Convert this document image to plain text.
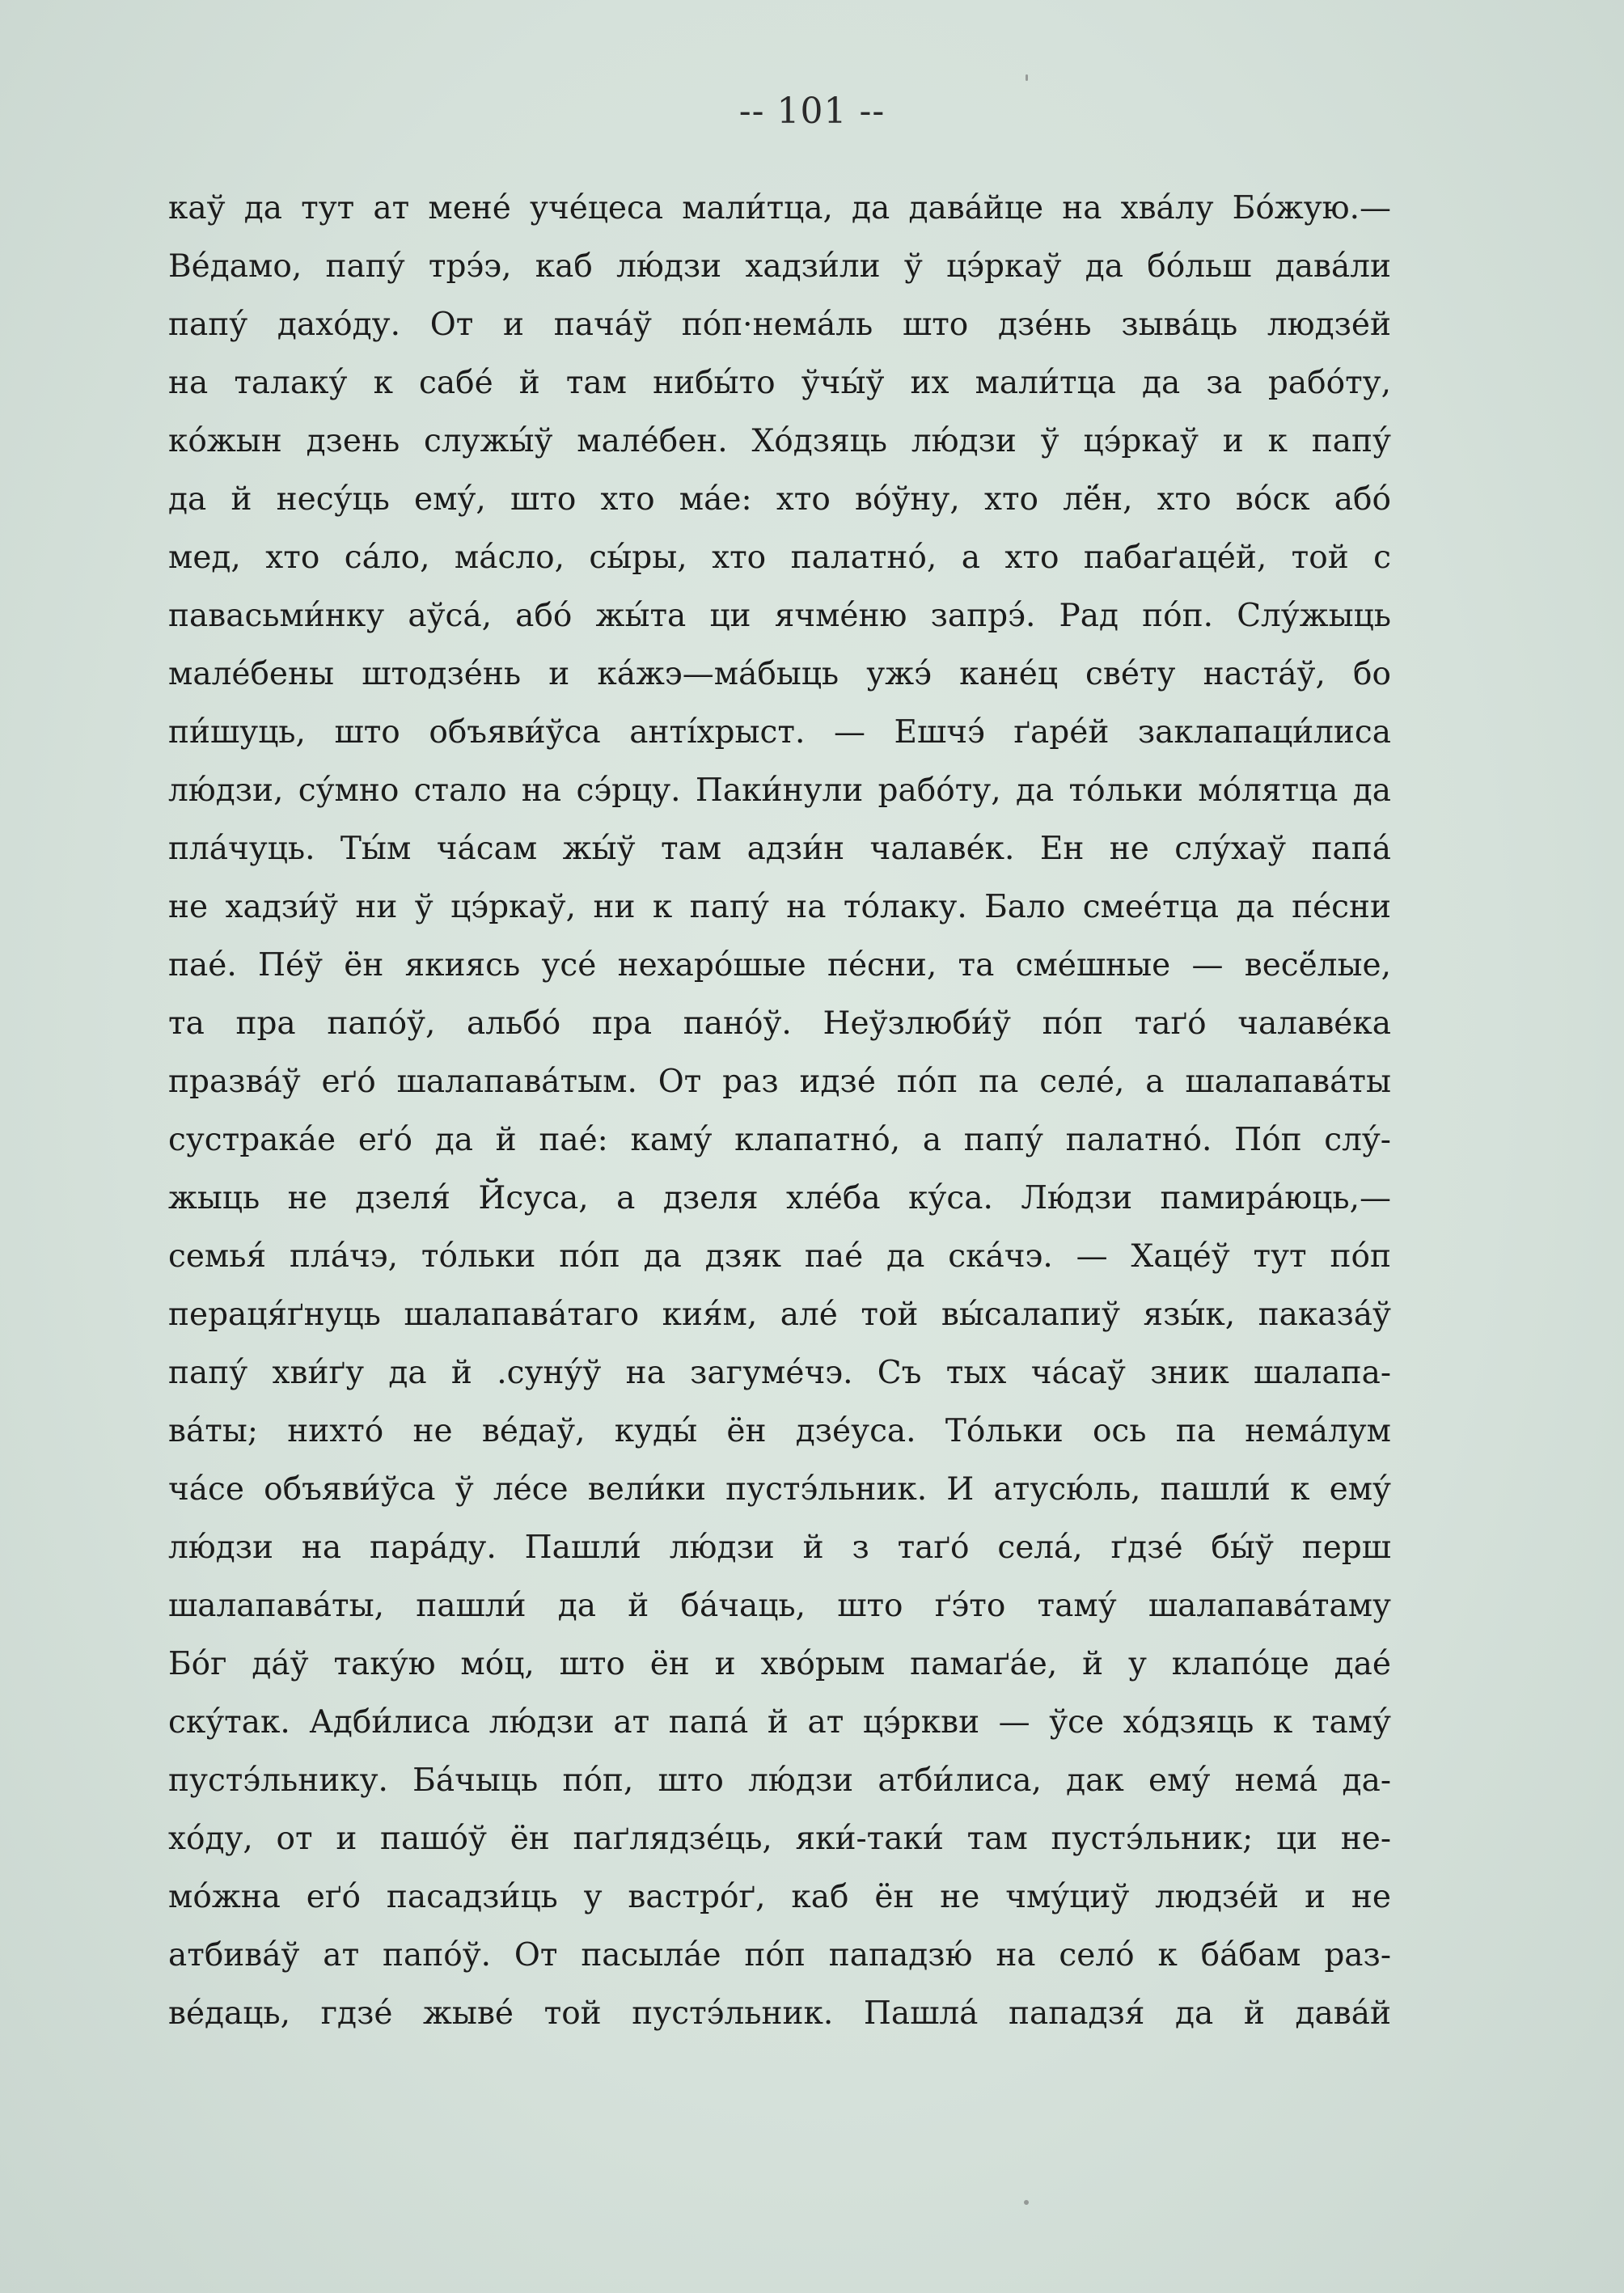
-- 101 --
каў да тут ат мене́ уче́цеса мали́тца, да дава́йце на хва́лу Бо́жую.—
Ве́дамо, папу́ трэ́э, каб лю́дзи хадзи́ли ў цэ́ркаў да бо́льш дава́ли
папу́ дахо́ду. От и пача́ў по́п·нема́ль што дзе́нь зыва́ць людзе́й
на талаку́ к сабе́ й там нибы́то ўчы́ў их мали́тца да за рабо́ту,
ко́жын дзень служы́ў мале́бен. Хо́дзяць лю́дзи ў цэ́ркаў и к папу́
да й несу́ць ему́, што хто ма́е: хто во́ўну, хто лё́н, хто во́ск або́
мед, хто са́ло, ма́сло, сы́ры, хто палатно́, а хто пабаґаце́й, той с
павасьми́нку аўса́, або́ жы́та ци ячме́ню запрэ́. Рад по́п. Слу́жыць
мале́бены штодзе́нь и ка́жэ—ма́быць ужэ́ кане́ц све́ту наста́ў, бо
пи́шуць, што объяви́ўса антı́хрыст. — Ешчэ́ ґаре́й заклапаци́лиса
лю́дзи, су́мно стало на сэ́рцу. Паки́нули рабо́ту, да то́льки мо́лятца да
пла́чуць. Ты́м ча́сам жы́ў там адзи́н чалаве́к. Ен не слу́хаў папа́
не хадзи́ў ни ў цэ́ркаў, ни к папу́ на то́лаку. Бало смее́тца да пе́сни
пае́. Пе́ў ён якиясь усе́ нехаро́шые пе́сни, та сме́шные — весё́лые,
та пра папо́ў, альбо́ пра пано́ў. Неўзлюби́ў по́п таґо́ чалаве́ка
празва́ў еґо́ шалапава́тым. От раз идзе́ по́п па селе́, а шалапава́ты
сустрака́е еґо́ да й пае́: каму́ клапатно́, а папу́ палатно́. По́п слу́-
жыць не дзеля́ Йсуса, а дзеля хле́ба ку́са. Лю́дзи памира́юць,—
семья́ пла́чэ, то́льки по́п да дзяк пае́ да ска́чэ. — Хаце́ў тут по́п
пераця́ґнуць шалапава́таго кия́м, але́ той вы́салапиў язы́к, паказа́ў
папу́ хви́ґу да й .суну́ў на загуме́чэ. Съ тых ча́саў зник шалапа-
ва́ты; нихто́ не ве́даў, куды́ ён дзе́уса. То́льки ось па нема́лум
ча́се объяви́ўса ў ле́се вели́ки пустэ́льник. И атусю́ль, пашли́ к ему́
лю́дзи на пара́ду. Пашли́ лю́дзи й з таґо́ села́, ґдзе́ бы́ў перш
шалапава́ты, пашли́ да й ба́чаць, што ґэ́то таму́ шалапава́таму
Бо́г да́ў таку́ю мо́ц, што ён и хво́рым памаґа́е, й у клапо́це дае́
ску́так. Адби́лиса лю́дзи ат папа́ й ат цэ́ркви — ўсе хо́дзяць к таму́
пустэ́льнику. Ба́чыць по́п, што лю́дзи атби́лиса, дак ему́ нема́ да-
хо́ду, от и пашо́ў ён паґлядзе́ць, яки́-таки́ там пустэ́льник; ци не-
мо́жна еґо́ пасадзи́ць у вастро́ґ, каб ён не чму́циў людзе́й и не
атбива́ў ат папо́ў. От пасыла́е по́п пападзю́ на село́ к ба́бам раз-
ве́даць, гдзе́ жыве́ той пустэ́льник. Пашла́ пападзя́ да й дава́й
